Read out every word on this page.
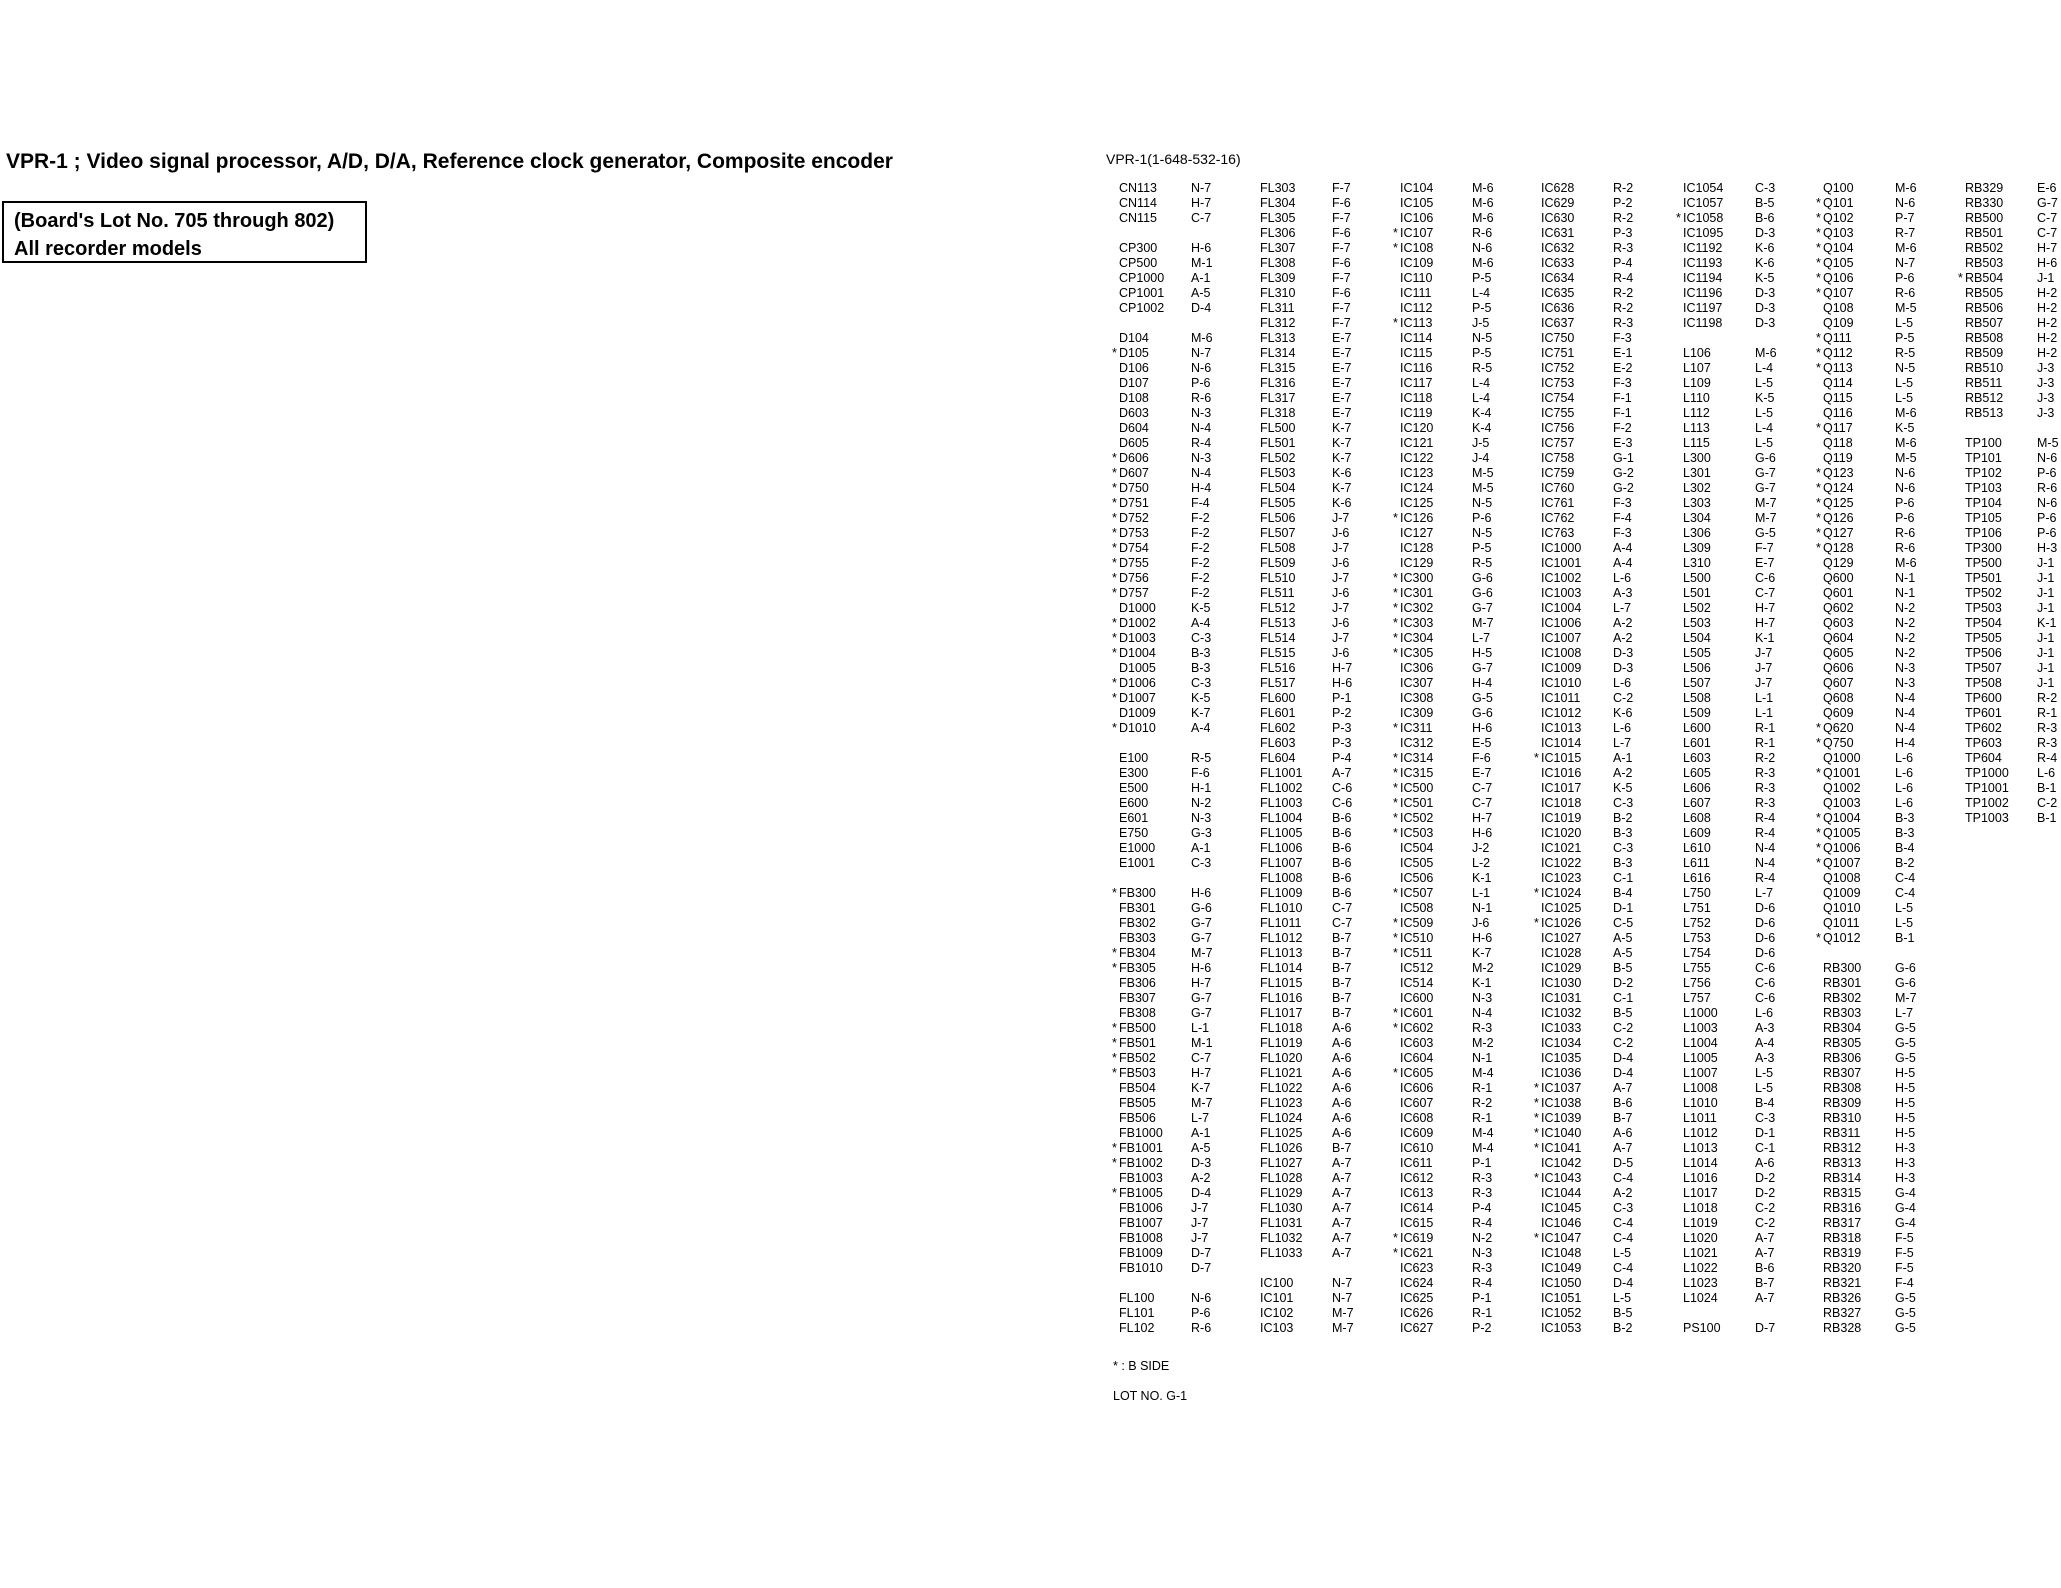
VPR-1 ; Video signal processor, A/D, D/A, Reference clock generator, Composite encoder
(Board's Lot No. 705 through 802)
All recorder models
VPR-1(1-648-532-16)
CN113	N-7
CN114	H-7
CN115	C-7
CP300	H-6
CP500	M-1
CP1000 A-1
CP1001 A-5
CP1002 D-4
D104	M-6
* D105	N-7
D106	N-6
D107	P-6
D108	R-6
D603	N-3
D604	N-4
D605	R-4
* D606	N-3
* D607	N-4
* D750	H-4
* D751	F-4
* D752	F-2
* D753	F-2
* D754	F-2
* D755	F-2
* D756	F-2
* D757	F-2
D1000	K-5
* D1002	A-4
* D1003	C-3
* D1004	B-3
D1005	B-3
* D1006	C-3
* D1007	K-5
D1009	K-7
* D1010	A-4
E100	R-5
E300	F-6
E500	H-1
E600	N-2
E601	N-3
E750	G-3
E1000	A-1
E1001	C-3
* FB300	H-6
FB301	G-6
FB302	G-7
FB303	G-7
* FB304	M-7
* FB305	H-6
FB306	H-7
FB307	G-7
FB308	G-7
* FB500	L-1
* FB501	M-1
* FB502	C-7
* FB503	H-7
FB504	K-7
FB505	M-7
FB506	L-7
FB1000 A-1
* FB1001 A-5
* FB1002 D-3
FB1003 A-2
* FB1005 D-4
FB1006 J-7
FB1007 J-7
FB1008 J-7
FB1009 D-7
FB1010 D-7
FL100	N-6
FL101	P-6
FL102	R-6
FL303	F-7
FL304	F-6
FL305	F-7
FL306	F-6
FL307	F-7
FL308	F-6
FL309	F-7
FL310	F-6
FL311	F-7
FL312	F-7
FL313	E-7
FL314	E-7
FL315	E-7
FL316	E-7
FL317	E-7
FL318	E-7
FL500	K-7
FL501	K-7
FL502	K-7
FL503	K-6
FL504	K-7
FL505	K-6
FL506	J-7
FL507	J-6
FL508	J-7
FL509	J-6
FL510	J-7
FL511	J-6
FL512	J-7
FL513	J-6
FL514	J-7
FL515	J-6
FL516	H-7
FL517	H-6
FL600	P-1
FL601	P-2
FL602	P-3
FL603	P-3
FL604	P-4
FL1001 A-7
FL1002 C-6
FL1003 C-6
FL1004 B-6
FL1005 B-6
FL1006 B-6
FL1007 B-6
FL1008 B-6
FL1009 B-6
FL1010 C-7
FL1011 C-7
FL1012 B-7
FL1013 B-7
FL1014 B-7
FL1015 B-7
FL1016 B-7
FL1017 B-7
FL1018 A-6
FL1019 A-6
FL1020 A-6
FL1021 A-6
FL1022 A-6
FL1023 A-6
FL1024 A-6
FL1025 A-6
FL1026 B-7
FL1027 A-7
FL1028 A-7
FL1029 A-7
FL1030 A-7
FL1031 A-7
FL1032 A-7
FL1033 A-7
IC100	N-7
IC101	N-7
IC102	M-7
IC103	M-7
IC104	M-6
IC105	M-6
IC106	M-6
* IC107	R-6
* IC108	N-6
IC109	M-6
IC110	P-5
IC111	L-4
IC112	P-5
* IC113	J-5
IC114	N-5
IC115	P-5
IC116	R-5
IC117	L-4
IC118	L-4
IC119	K-4
IC120	K-4
IC121	J-5
IC122	J-4
IC123	M-5
IC124	M-5
IC125	N-5
* IC126	P-6
IC127	N-5
IC128	P-5
IC129	R-5
* IC300	G-6
* IC301	G-6
* IC302	G-7
* IC303	M-7
* IC304	L-7
* IC305	H-5
IC306	G-7
IC307	H-4
IC308	G-5
IC309	G-6
* IC311	H-6
IC312	E-5
* IC314	F-6
* IC315	E-7
* IC500	C-7
* IC501	C-7
* IC502	H-7
* IC503	H-6
IC504	J-2
IC505	L-2
IC506	K-1
* IC507	L-1
IC508	N-1
* IC509	J-6
* IC510	H-6
* IC511	K-7
IC512	M-2
IC514	K-1
IC600	N-3
* IC601	N-4
* IC602	R-3
IC603	M-2
IC604	N-1
* IC605	M-4
IC606	R-1
IC607	R-2
IC608	R-1
IC609	M-4
IC610	M-4
IC611	P-1
IC612	R-3
IC613	R-3
IC614	P-4
IC615	R-4
* IC619	N-2
* IC621	N-3
IC623	R-3
IC624	R-4
IC625	P-1
IC626	R-1
IC627	P-2
IC628	R-2
IC629	P-2
IC630	R-2
IC631	P-3
IC632	R-3
IC633	P-4
IC634	R-4
IC635	R-2
IC636	R-2
IC637	R-3
IC750	F-3
IC751	E-1
IC752	E-2
IC753	F-3
IC754	F-1
IC755	F-1
IC756	F-2
IC757	E-3
IC758	G-1
IC759	G-2
IC760	G-2
IC761	F-3
IC762	F-4
IC763	F-3
IC1000	A-4
IC1001	A-4
IC1002	L-6
IC1003	A-3
IC1004	L-7
IC1006	A-2
IC1007	A-2
IC1008	D-3
IC1009	D-3
IC1010	L-6
IC1011	C-2
IC1012	K-6
IC1013	L-6
IC1014	L-7
* IC1015	A-1
IC1016	A-2
IC1017	K-5
IC1018	C-3
IC1019	B-2
IC1020	B-3
IC1021	C-3
IC1022	B-3
IC1023	C-1
* IC1024	B-4
IC1025	D-1
* IC1026	C-5
IC1027	A-5
IC1028	A-5
IC1029	B-5
IC1030	D-2
IC1031	C-1
IC1032	B-5
IC1033	C-2
IC1034	C-2
IC1035	D-4
IC1036	D-4
* IC1037	A-7
* IC1038	B-6
* IC1039	B-7
* IC1040	A-6
* IC1041	A-7
IC1042	D-5
* IC1043	C-4
IC1044	A-2
IC1045	C-3
IC1046	C-4
* IC1047	C-4
IC1048	L-5
IC1049	C-4
IC1050	D-4
IC1051	L-5
IC1052	B-5
IC1053	B-2
IC1054	C-3
IC1057	B-5
* IC1058	B-6
IC1095	D-3
IC1192	K-6
IC1193	K-6
IC1194	K-5
IC1196	D-3
IC1197	D-3
IC1198	D-3
L106	M-6
L107	L-4
L109	L-5
L110	K-5
L112	L-5
L113	L-4
L115	L-5
L300	G-6
L301	G-7
L302	G-7
L303	M-7
L304	M-7
L306	G-5
L309	F-7
L310	E-7
L500	C-6
L501	C-7
L502	H-7
L503	H-7
L504	K-1
L505	J-7
L506	J-7
L507	J-7
L508	L-1
L509	L-1
L600	R-1
L601	R-1
L603	R-2
L605	R-3
L606	R-3
L607	R-3
L608	R-4
L609	R-4
L610	N-4
L611	N-4
L616	R-4
L750	L-7
L751	D-6
L752	D-6
L753	D-6
L754	D-6
L755	C-6
L756	C-6
L757	C-6
L1000	L-6
L1003	A-3
L1004	A-4
L1005	A-3
L1007	L-5
L1008	L-5
L1010	B-4
L1011	C-3
L1012	D-1
L1013	C-1
L1014	A-6
L1016	D-2
L1017	D-2
L1018	C-2
L1019	C-2
L1020	A-7
L1021	A-7
L1022	B-6
L1023	B-7
L1024	A-7
PS100	D-7
Q100	M-6
* Q101	N-6
* Q102	P-7
* Q103	R-7
* Q104	M-6
* Q105	N-7
* Q106	P-6
* Q107	R-6
Q108	M-5
Q109	L-5
* Q111	P-5
* Q112	R-5
* Q113	N-5
Q114	L-5
Q115	L-5
Q116	M-6
* Q117	K-5
Q118	M-6
Q119	M-5
* Q123	N-6
* Q124	N-6
* Q125	P-6
* Q126	P-6
* Q127	R-6
* Q128	R-6
Q129	M-6
Q600	N-1
Q601	N-1
Q602	N-2
Q603	N-2
Q604	N-2
Q605	N-2
Q606	N-3
Q607	N-3
Q608	N-4
Q609	N-4
* Q620	N-4
* Q750	H-4
Q1000	L-6
* Q1001	L-6
Q1002	L-6
Q1003	L-6
* Q1004	B-3
* Q1005	B-3
* Q1006	B-4
* Q1007	B-2
Q1008	C-4
Q1009	C-4
Q1010	L-5
Q1011	L-5
* Q1012	B-1
RB300	G-6
RB301	G-6
RB302	M-7
RB303	L-7
RB304	G-5
RB305	G-5
RB306	G-5
RB307	H-5
RB308	H-5
RB309	H-5
RB310	H-5
RB311	H-5
RB312	H-3
RB313	H-3
RB314	H-3
RB315	G-4
RB316	G-4
RB317	G-4
RB318	F-5
RB319	F-5
RB320	F-5
RB321	F-4
RB326	G-5
RB327	G-5
RB328	G-5
RB329	E-6
RB330	G-7
RB500	C-7
RB501	C-7
RB502	H-7
RB503	H-6
* RB504	J-1
RB505	H-2
RB506	H-2
RB507	H-2
RB508	H-2
RB509	H-2
RB510	J-3
RB511	J-3
RB512	J-3
RB513	J-3
TP100	M-5
TP101	N-6
TP102	P-6
TP103	R-6
TP104	N-6
TP105	P-6
TP106	P-6
TP300	H-3
TP500	J-1
TP501	J-1
TP502	J-1
TP503	J-1
TP504	K-1
TP505	J-1
TP506	J-1
TP507	J-1
TP508	J-1
TP600	R-2
TP601	R-1
TP602	R-3
TP603	R-3
TP604	R-4
TP1000 L-6
TP1001 B-1
TP1002 C-2
TP1003 B-1
* : B SIDE
LOT NO. G-1
